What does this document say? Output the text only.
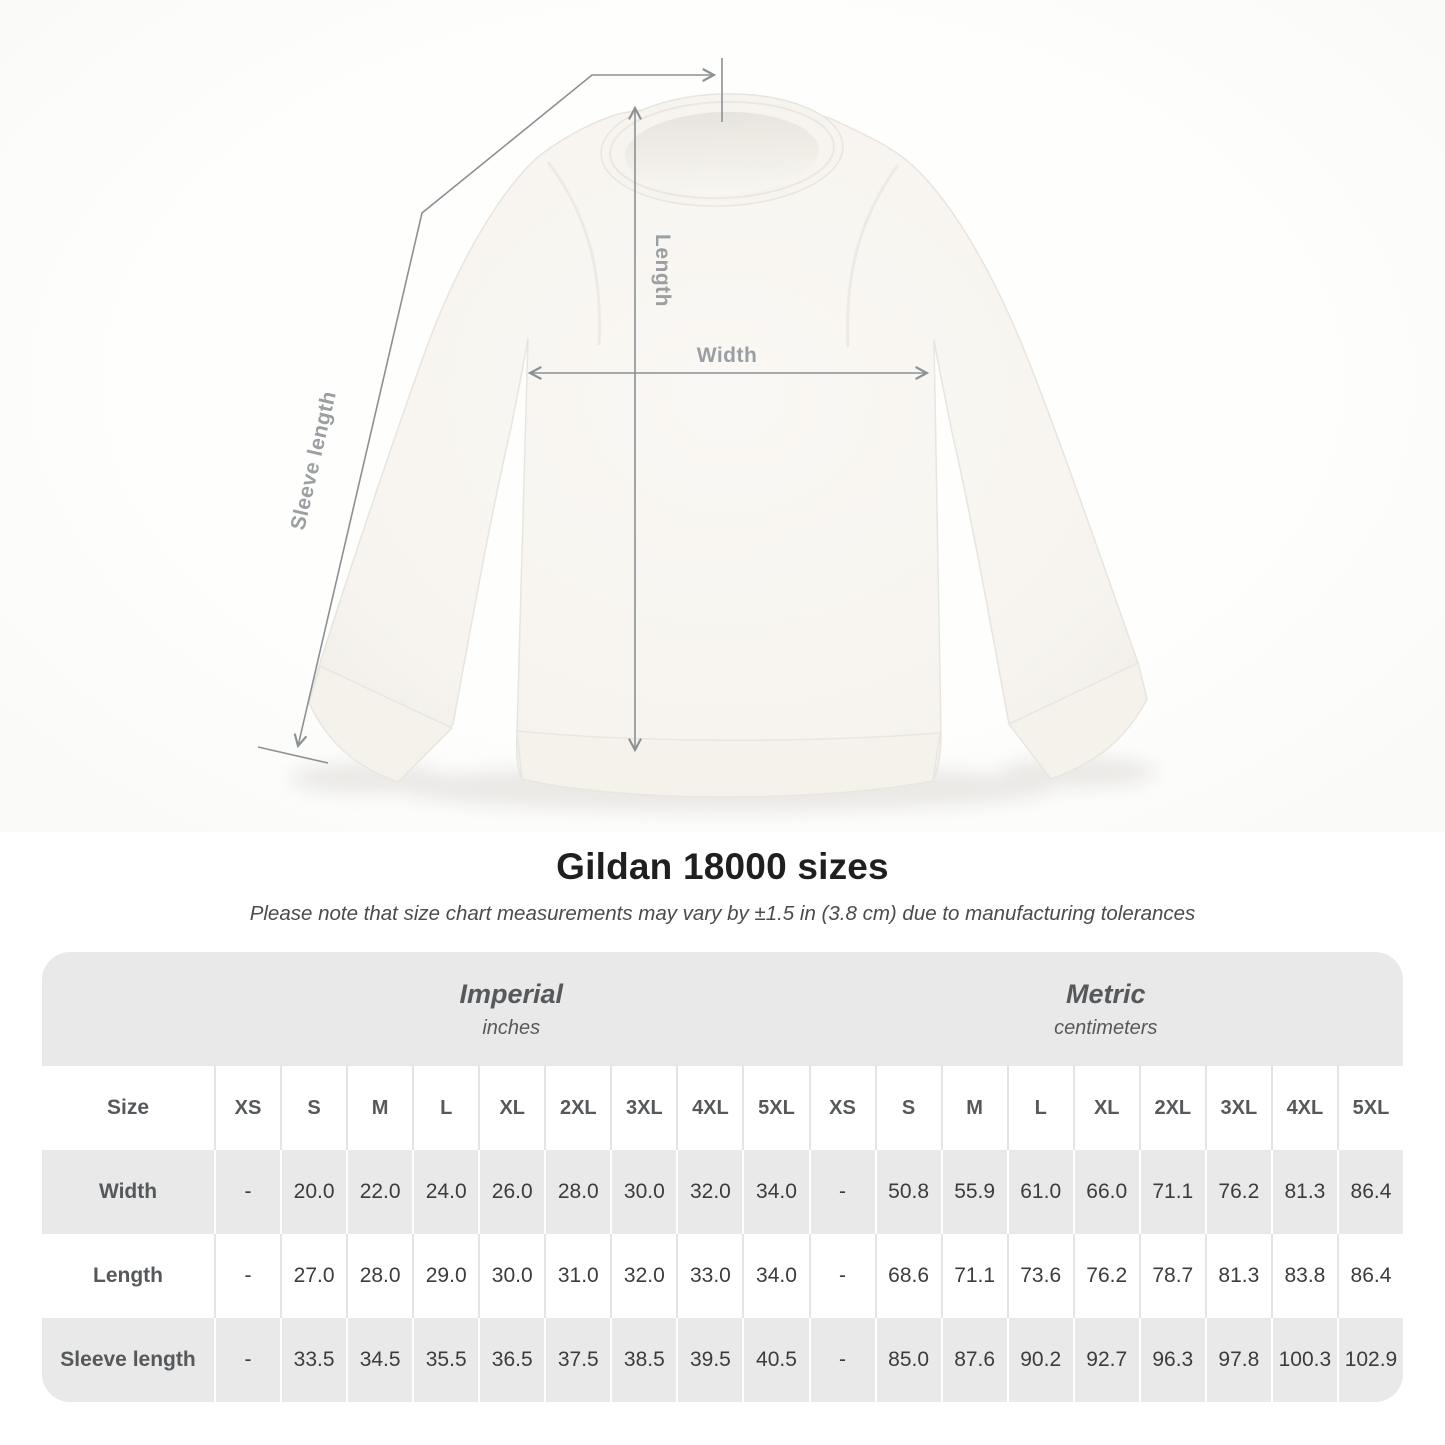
Width
Length
Sleeve length
Gildan 18000 sizes

Please note that size chart measurements may vary by ±1.5 in (3.8 cm) due to manufacturing tolerances

Imperial
inches
Metric
centimeters
Size	XS	S	M	L	XL	2XL	3XL	4XL	5XL	XS	S	M	L	XL	2XL	3XL	4XL	5XL
Width	-	20.0	22.0	24.0	26.0	28.0	30.0	32.0	34.0	-	50.8	55.9	61.0	66.0	71.1	76.2	81.3	86.4
Length	-	27.0	28.0	29.0	30.0	31.0	32.0	33.0	34.0	-	68.6	71.1	73.6	76.2	78.7	81.3	83.8	86.4
Sleeve length	-	33.5	34.5	35.5	36.5	37.5	38.5	39.5	40.5	-	85.0	87.6	90.2	92.7	96.3	97.8 100.3 102.9
